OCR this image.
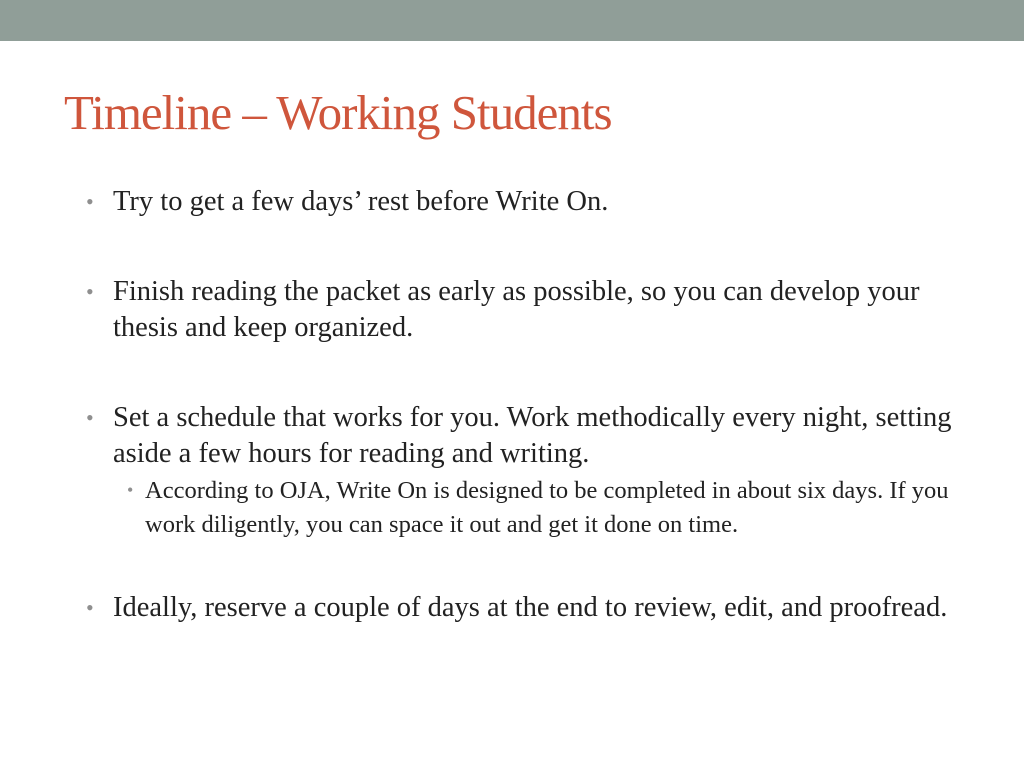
Timeline – Working Students
• Try to get a few days’ rest before Write On.
• Finish reading the packet as early as possible, so you can develop your thesis and keep organized.
• Set a schedule that works for you. Work methodically every night, setting aside a few hours for reading and writing.
• According to OJA, Write On is designed to be completed in about six days. If you work diligently, you can space it out and get it done on time.
• Ideally, reserve a couple of days at the end to review, edit, and proofread.
